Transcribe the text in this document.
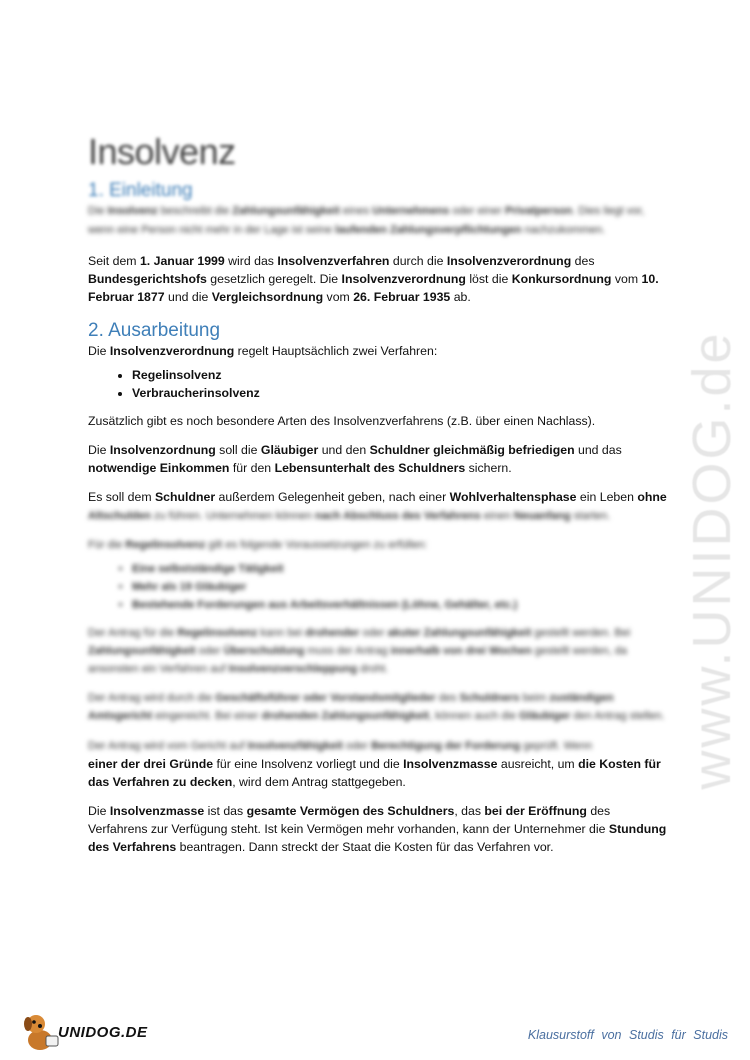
www.UNIDOG.de
Insolvenz
1. Einleitung

Die Insolvenz beschreibt die Zahlungsunfähigkeit eines Unternehmens oder einer Privatperson. Dies liegt vor, wenn eine Person nicht mehr in der Lage ist seine laufenden Zahlungsverpflichtungen nachzukommen.

Seit dem 1. Januar 1999 wird das Insolvenzverfahren durch die Insolvenzverordnung des
Bundesgerichtshofs gesetzlich geregelt. Die Insolvenzverordnung löst die Konkursordnung vom 10. Februar 1877 und die Vergleichsordnung vom 26. Februar 1935 ab.

2. Ausarbeitung

Die Insolvenzverordnung regelt Hauptsächlich zwei Verfahren:

• Regelinsolvenz
• Verbraucherinsolvenz

Zusätzlich gibt es noch besondere Arten des Insolvenzverfahrens (z.B. über einen Nachlass).

Die Insolvenzordnung soll die Gläubiger und den Schuldner gleichmäßig befriedigen und das
notwendige Einkommen für den Lebensunterhalt des Schuldners sichern.

Es soll dem Schuldner außerdem Gelegenheit geben, nach einer Wohlverhaltensphase ein Leben ohne
Altschulden zu führen. Unternehmen können nach Abschluss des Verfahrens einen Neuanfang starten.

Für die Regelinsolvenz gilt es folgende Voraussetzungen zu erfüllen:

• Eine selbstständige Tätigkeit
• Mehr als 19 Gläubiger
• Bestehende Forderungen aus Arbeitsverhältnissen (Löhne, Gehälter, etc.)

Der Antrag für die Regelinsolvenz kann bei drohender oder akuter Zahlungsunfähigkeit gestellt werden. Bei Zahlungsunfähigkeit oder Überschuldung muss der Antrag innerhalb von drei Wochen gestellt werden, da ansonsten ein Verfahren auf Insolvenzverschleppung droht.

Der Antrag wird durch die Geschäftsführer oder Vorstandsmitglieder des Schuldners beim zuständigen Amtsgericht eingereicht. Bei einer drohenden Zahlungsunfähigkeit, können auch die Gläubiger den Antrag stellen.

Der Antrag wird vom Gericht auf Insolvenzfähigkeit oder Berechtigung der Forderung geprüft. Wenn
einer der drei Gründe für eine Insolvenz vorliegt und die Insolvenzmasse ausreicht, um die Kosten für das Verfahren zu decken, wird dem Antrag stattgegeben.

Die Insolvenzmasse ist das gesamte Vermögen des Schuldners, das bei der Eröffnung des Verfahrens zur Verfügung steht. Ist kein Vermögen mehr vorhanden, kann der Unternehmer die Stundung des Verfahrens beantragen. Dann streckt der Staat die Kosten für das Verfahren vor.

UNIDOG.DE	Klausurstoff von Studis für Studis
